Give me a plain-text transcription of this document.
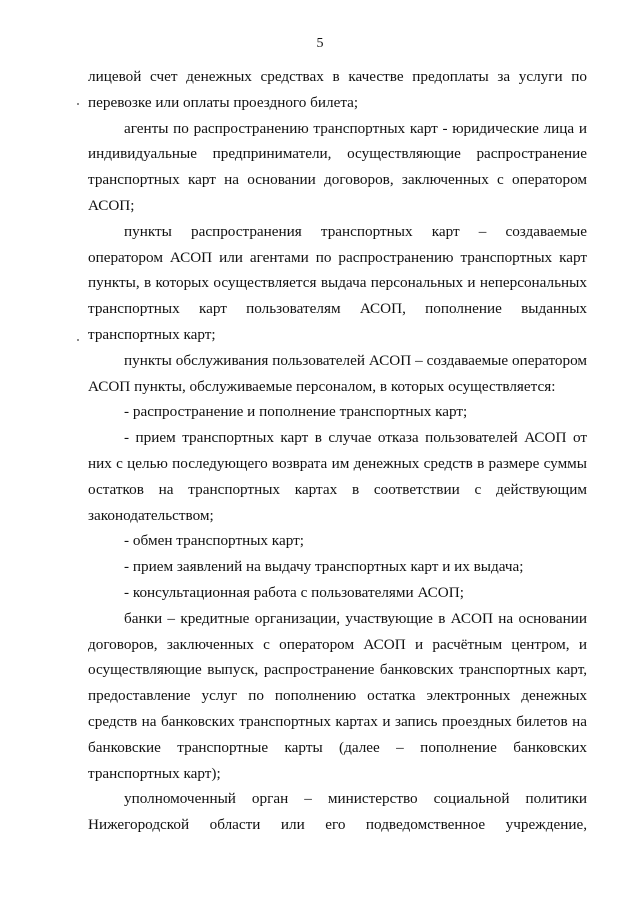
5

лицевой счет денежных средствах в качестве предоплаты за услуги по перевозке или оплаты проездного билета;

агенты по распространению транспортных карт - юридические лица и индивидуальные предприниматели, осуществляющие распространение транспортных карт на основании договоров, заключенных с оператором АСОП;

пункты распространения транспортных карт – создаваемые оператором АСОП или агентами по распространению транспортных карт пункты, в которых осуществляется выдача персональных и неперсональных транспортных карт пользователям АСОП, пополнение выданных транспортных карт;

пункты обслуживания пользователей АСОП – создаваемые оператором АСОП пункты, обслуживаемые персоналом, в которых осуществляется:

- распространение и пополнение транспортных карт;

- прием транспортных карт в случае отказа пользователей АСОП от них с целью последующего возврата им денежных средств в размере суммы остатков на транспортных картах в соответствии с действующим законодательством;

- обмен транспортных карт;

- прием заявлений на выдачу транспортных карт и их выдача;

- консультационная работа с пользователями АСОП;

банки – кредитные организации, участвующие в АСОП на основании договоров, заключенных с оператором АСОП и расчётным центром, и осуществляющие выпуск, распространение банковских транспортных карт, предоставление услуг по пополнению остатка электронных денежных средств на банковских транспортных картах и запись проездных билетов на банковские транспортные карты (далее – пополнение банковских транспортных карт);

уполномоченный орган – министерство социальной политики Нижегородской области или его подведомственное учреждение,
